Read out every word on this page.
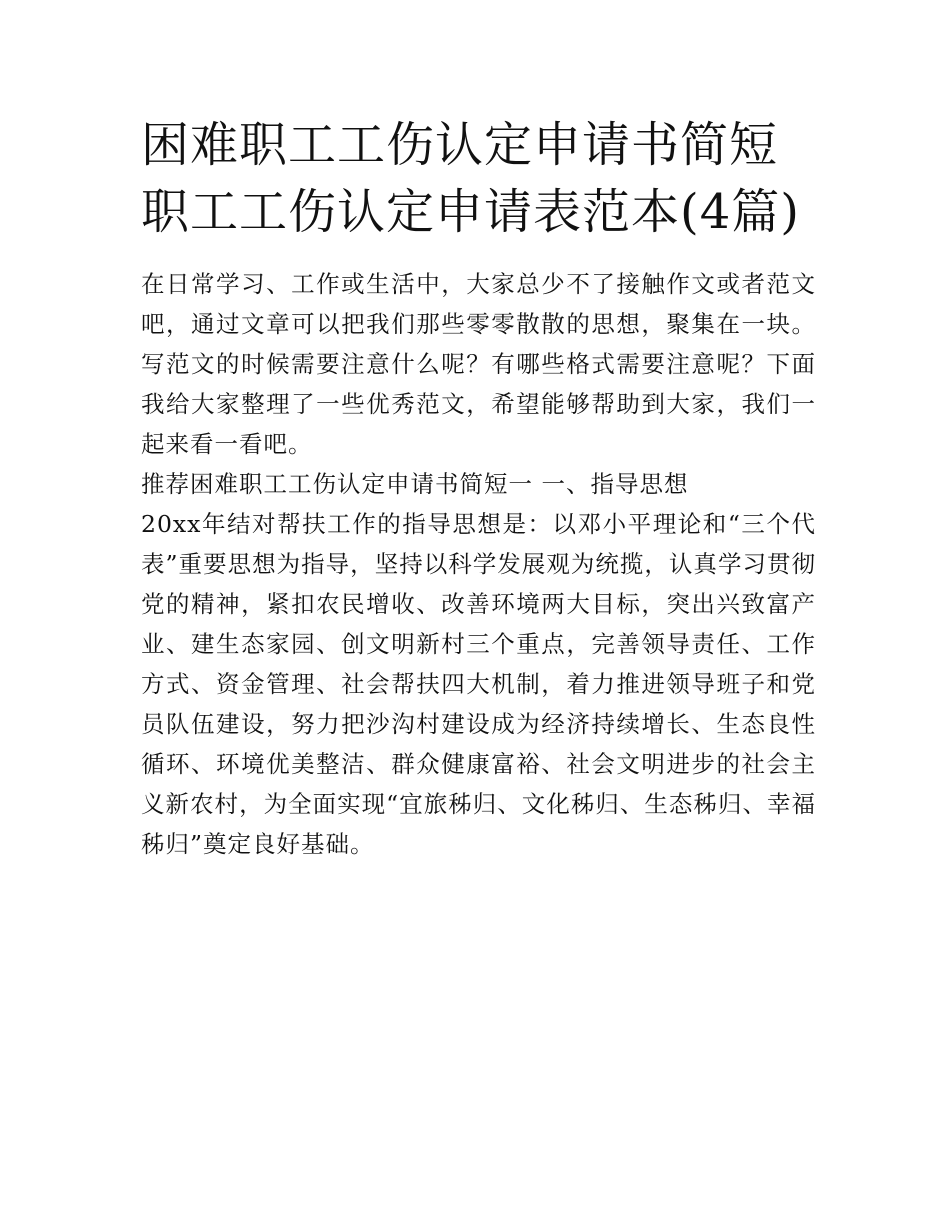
困难职工工伤认定申请书简短职工工伤认定申请表范本(4篇)

在日常学习、工作或生活中，大家总少不了接触作文或者范文吧，通过文章可以把我们那些零零散散的思想，聚集在一块。写范文的时候需要注意什么呢？有哪些格式需要注意呢？下面我给大家整理了一些优秀范文，希望能够帮助到大家，我们一起来看一看吧。

推荐困难职工工伤认定申请书简短一 一、指导思想

20xx年结对帮扶工作的指导思想是：以邓小平理论和“三个代表”重要思想为指导，坚持以科学发展观为统揽，认真学习贯彻党的精神，紧扣农民增收、改善环境两大目标，突出兴致富产业、建生态家园、创文明新村三个重点，完善领导责任、工作方式、资金管理、社会帮扶四大机制，着力推进领导班子和党员队伍建设，努力把沙沟村建设成为经济持续增长、生态良性循环、环境优美整洁、群众健康富裕、社会文明进步的社会主义新农村，为全面实现“宜旅秭归、文化秭归、生态秭归、幸福秭归”奠定良好基础。
